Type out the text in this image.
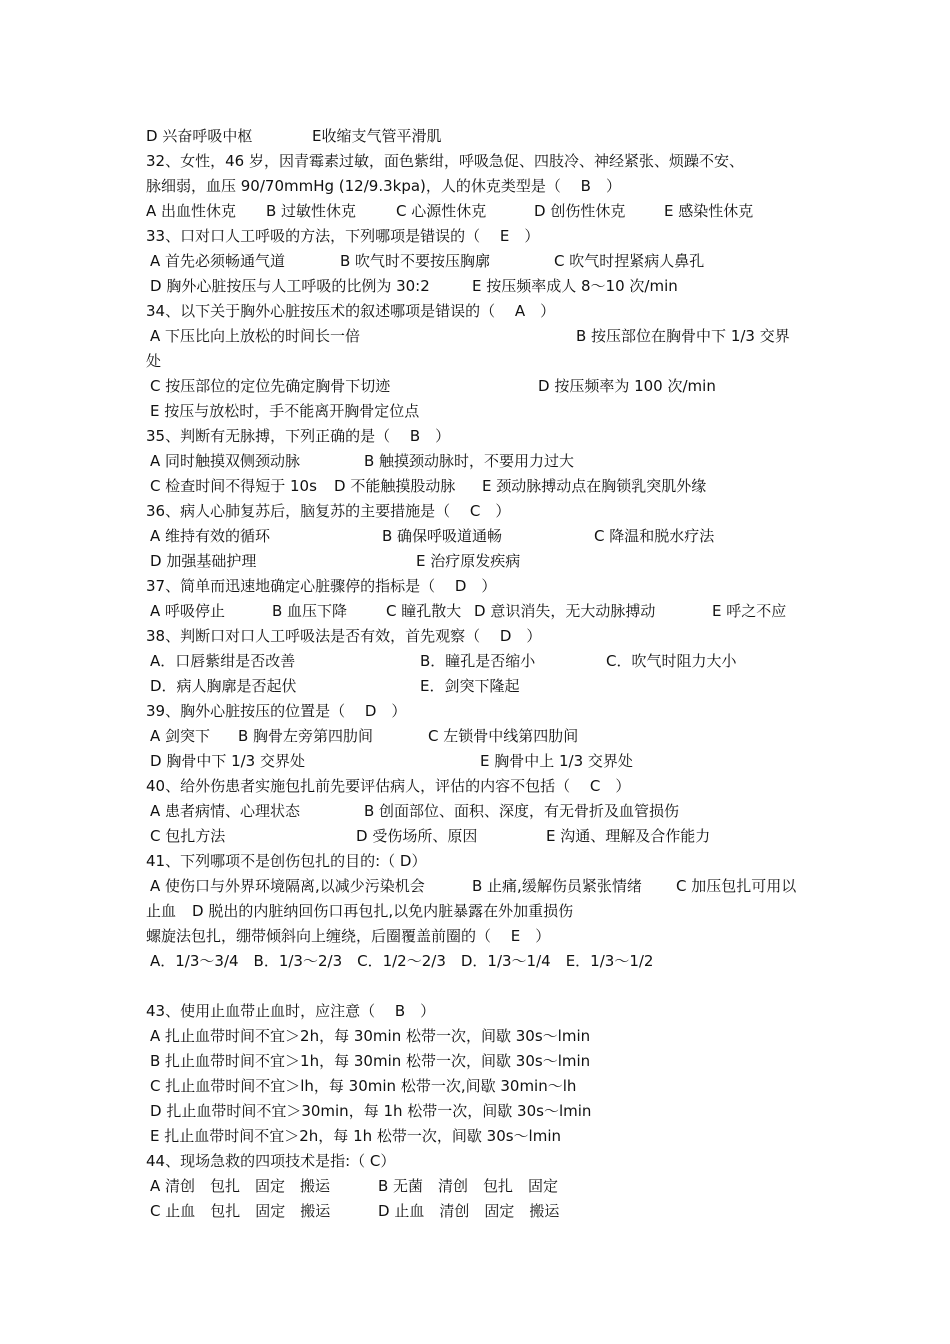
D 兴奋呼吸中枢	E收缩支气管平滑肌
32、女性，46 岁，因青霉素过敏，面色紫绀，呼吸急促、四肢冷、神经紧张、烦躁不安、
脉细弱，血压 90/70mmHg (12/9.3kpa)，人的休克类型是（　 B　）
A 出血性休克 B 过敏性休克	C 心源性休克	D 创伤性休克	E 感染性休克
33、口对口人工呼吸的方法，下列哪项是错误的（　 E　）
A 首先必须畅通气道	B 吹气时不要按压胸廓	C 吹气时捏紧病人鼻孔
D 胸外心脏按压与人工呼吸的比例为 30:2	E 按压频率成人 8～10 次/min
34、以下关于胸外心脏按压术的叙述哪项是错误的（　 A　）
A 下压比向上放松的时间长一倍	B 按压部位在胸骨中下 1/3 交界
处
C 按压部位的定位先确定胸骨下切迹	D 按压频率为 100 次/min
E 按压与放松时，手不能离开胸骨定位点
35、判断有无脉搏，下列正确的是（　 B　）
A 同时触摸双侧颈动脉	B 触摸颈动脉时，不要用力过大
C 检查时间不得短于 10s D 不能触摸股动脉 E 颈动脉搏动点在胸锁乳突肌外缘
36、病人心肺复苏后，脑复苏的主要措施是（　 C　）
A 维持有效的循环	B 确保呼吸道通畅	C 降温和脱水疗法
D 加强基础护理	E 治疗原发疾病
37、简单而迅速地确定心脏骤停的指标是（　 D　）
A 呼吸停止	B 血压下降	C 瞳孔散大 D 意识消失，无大动脉搏动	E 呼之不应
38、判断口对口人工呼吸法是否有效，首先观察（　 D　）
A．口唇紫绀是否改善	B．瞳孔是否缩小	C．吹气时阻力大小
D．病人胸廓是否起伏	E．剑突下隆起
39、胸外心脏按压的位置是（　 D　）
A 剑突下 B 胸骨左旁第四肋间	C 左锁骨中线第四肋间
D 胸骨中下 1/3 交界处	E 胸骨中上 1/3 交界处
40、给外伤患者实施包扎前先要评估病人，评估的内容不包括（　 C　）
A 患者病情、心理状态	B 创面部位、面积、深度，有无骨折及血管损伤
C 包扎方法	D 受伤场所、原因	E 沟通、理解及合作能力
41、下列哪项不是创伤包扎的目的:（ D）
A 使伤口与外界环境隔离,以减少污染机会	B 止痛,缓解伤员紧张情绪 C 加压包扎可用以
止血 D 脱出的内脏纳回伤口再包扎,以免内脏暴露在外加重损伤
螺旋法包扎，绷带倾斜向上缠绕，后圈覆盖前圈的（　 E　）
A．1/3～3/4　B．1/3～2/3　C．1/2～2/3　D．1/3～1/4　E．1/3～1/2
43、使用止血带止血时，应注意（　 B　）
A 扎止血带时间不宜＞2h，每 30min 松带一次，间歇 30s～lmin
B 扎止血带时间不宜＞1h，每 30min 松带一次，间歇 30s～lmin
C 扎止血带时间不宜＞lh，每 30min 松带一次,间歇 30min～lh
D 扎止血带时间不宜＞30min，每 1h 松带一次，间歇 30s～lmin
E 扎止血带时间不宜＞2h，每 1h 松带一次，间歇 30s～lmin
44、现场急救的四项技术是指:（ C）
A 清创　包扎　固定　搬运	B 无菌　清创　包扎　固定
C 止血　包扎　固定　搬运	D 止血　清创　固定　搬运
